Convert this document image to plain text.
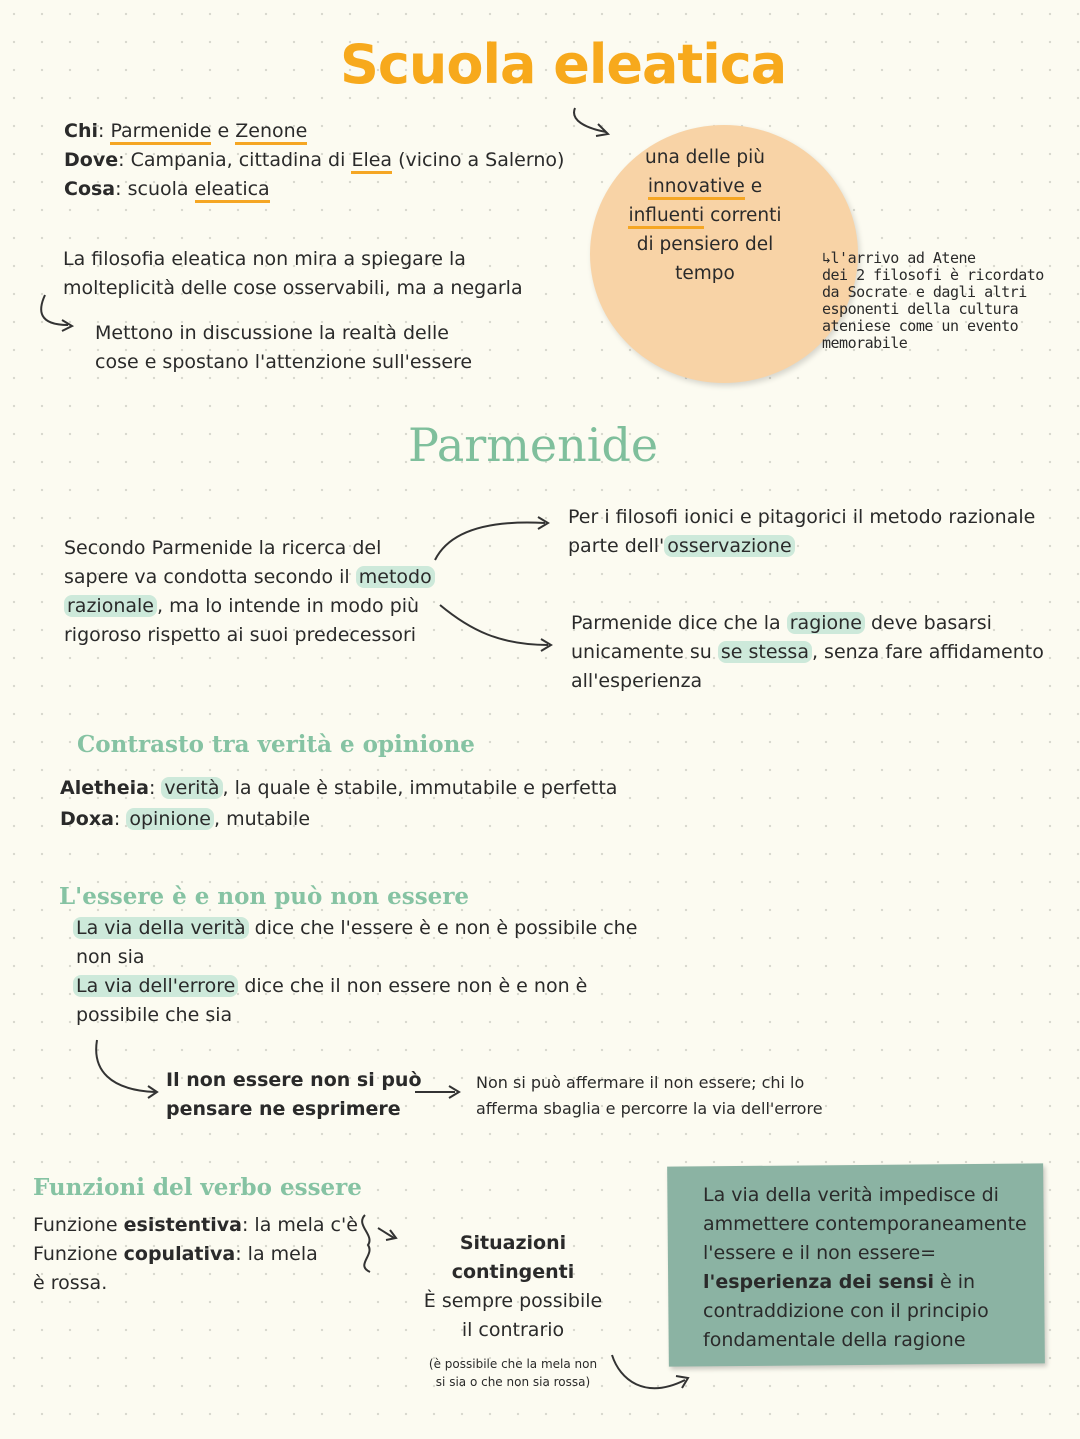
Scuola eleatica
Chi: Parmenide e Zenone
Dove: Campania, cittadina di Elea (vicino a Salerno)
Cosa: scuola eleatica
una delle più
innovative e
influenti correnti
di pensiero del
tempo
↳l'arrivo ad Atene
dei 2 filosofi è ricordato
da Socrate e dagli altri
esponenti della cultura
ateniese come un evento
memorabile
La filosofia eleatica non mira a spiegare la
molteplicità delle cose osservabili, ma a negarla
Mettono in discussione la realtà delle
cose e spostano l'attenzione sull'essere
Parmenide
Secondo Parmenide la ricerca del
sapere va condotta secondo il metodo
razionale , ma lo intende in modo più
rigoroso rispetto ai suoi predecessori
Per i filosofi ionici e pitagorici il metodo razionale
parte dell' osservazione
Parmenide dice che la ragione deve basarsi
unicamente su se stessa , senza fare affidamento
all'esperienza
Contrasto tra verità e opinione
Aletheia: verità , la quale è stabile, immutabile e perfetta
Doxa: opinione , mutabile
L'essere è e non può non essere
La via della verità dice che l'essere è e non è possibile che
non sia
La via dell'errore dice che il non essere non è e non è
possibile che sia
Il non essere non si può
pensare ne esprimere
Non si può affermare il non essere; chi lo
afferma sbaglia e percorre la via dell'errore
Funzioni del verbo essere
Funzione esistentiva: la mela c'è
Funzione copulativa: la mela
è rossa.
Situazioni contingenti
È sempre possibile
il contrario
(è possibile che la mela non
si sia o che non sia rossa)
La via della verità impedisce di
ammettere contemporaneamente
l'essere e il non essere=
l'esperienza dei sensi è in
contraddizione con il principio
fondamentale della ragione
